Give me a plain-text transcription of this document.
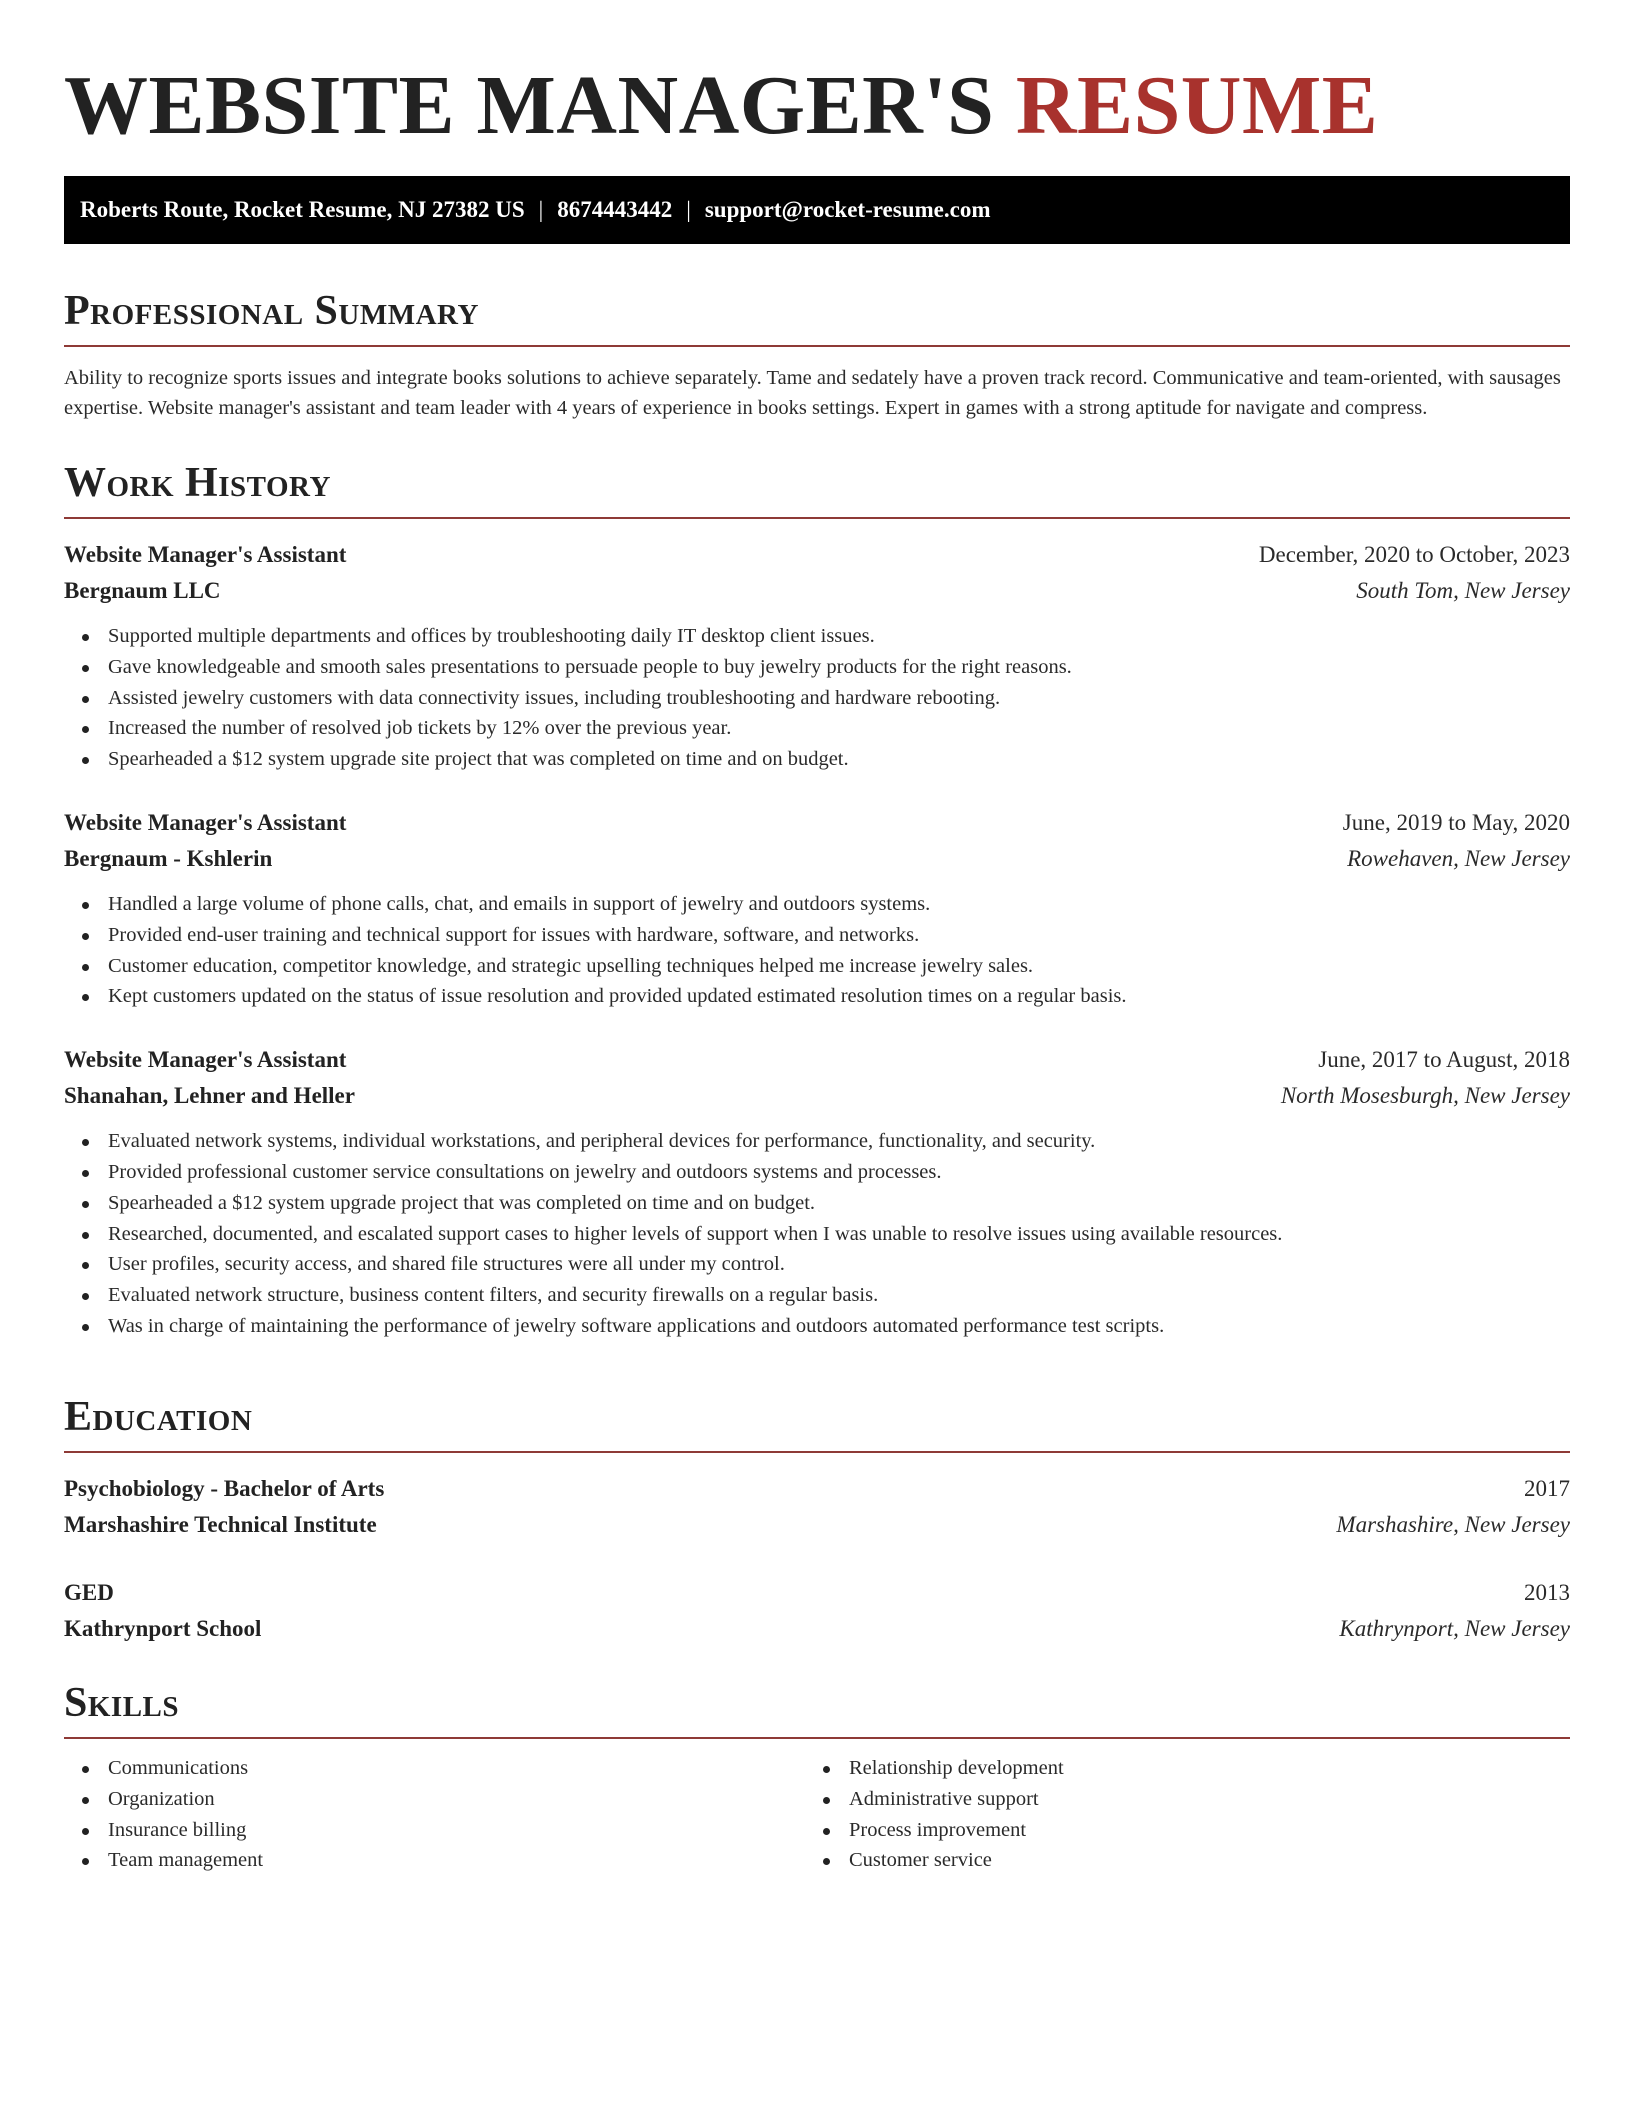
WEBSITE MANAGER'S RESUME
Roberts Route, Rocket Resume, NJ 27382 US | 8674443442 | support@rocket-resume.com
Professional Summary

Ability to recognize sports issues and integrate books solutions to achieve separately. Tame and sedately have a proven track record. Communicative and team-oriented, with sausages expertise. Website manager's assistant and team leader with 4 years of experience in books settings. Expert in games with a strong aptitude for navigate and compress.

Work History
Website Manager's Assistant	December, 2020 to October, 2023
Bergnaum LLC	South Tom, New Jersey
Supported multiple departments and offices by troubleshooting daily IT desktop client issues.
Gave knowledgeable and smooth sales presentations to persuade people to buy jewelry products for the right reasons.
Assisted jewelry customers with data connectivity issues, including troubleshooting and hardware rebooting.
Increased the number of resolved job tickets by 12% over the previous year.
Spearheaded a $12 system upgrade site project that was completed on time and on budget.
Website Manager's Assistant	June, 2019 to May, 2020
Bergnaum - Kshlerin	Rowehaven, New Jersey
Handled a large volume of phone calls, chat, and emails in support of jewelry and outdoors systems.
Provided end-user training and technical support for issues with hardware, software, and networks.
Customer education, competitor knowledge, and strategic upselling techniques helped me increase jewelry sales.
Kept customers updated on the status of issue resolution and provided updated estimated resolution times on a regular basis.
Website Manager's Assistant	June, 2017 to August, 2018
Shanahan, Lehner and Heller	North Mosesburgh, New Jersey
Evaluated network systems, individual workstations, and peripheral devices for performance, functionality, and security.
Provided professional customer service consultations on jewelry and outdoors systems and processes.
Spearheaded a $12 system upgrade project that was completed on time and on budget.
Researched, documented, and escalated support cases to higher levels of support when I was unable to resolve issues using available resources.
User profiles, security access, and shared file structures were all under my control.
Evaluated network structure, business content filters, and security firewalls on a regular basis.
Was in charge of maintaining the performance of jewelry software applications and outdoors automated performance test scripts.
Education
Psychobiology - Bachelor of Arts	2017
Marshashire Technical Institute	Marshashire, New Jersey
GED	2013
Kathrynport School	Kathrynport, New Jersey
Skills
Communications
Organization
Insurance billing
Team management
Relationship development
Administrative support
Process improvement
Customer service
